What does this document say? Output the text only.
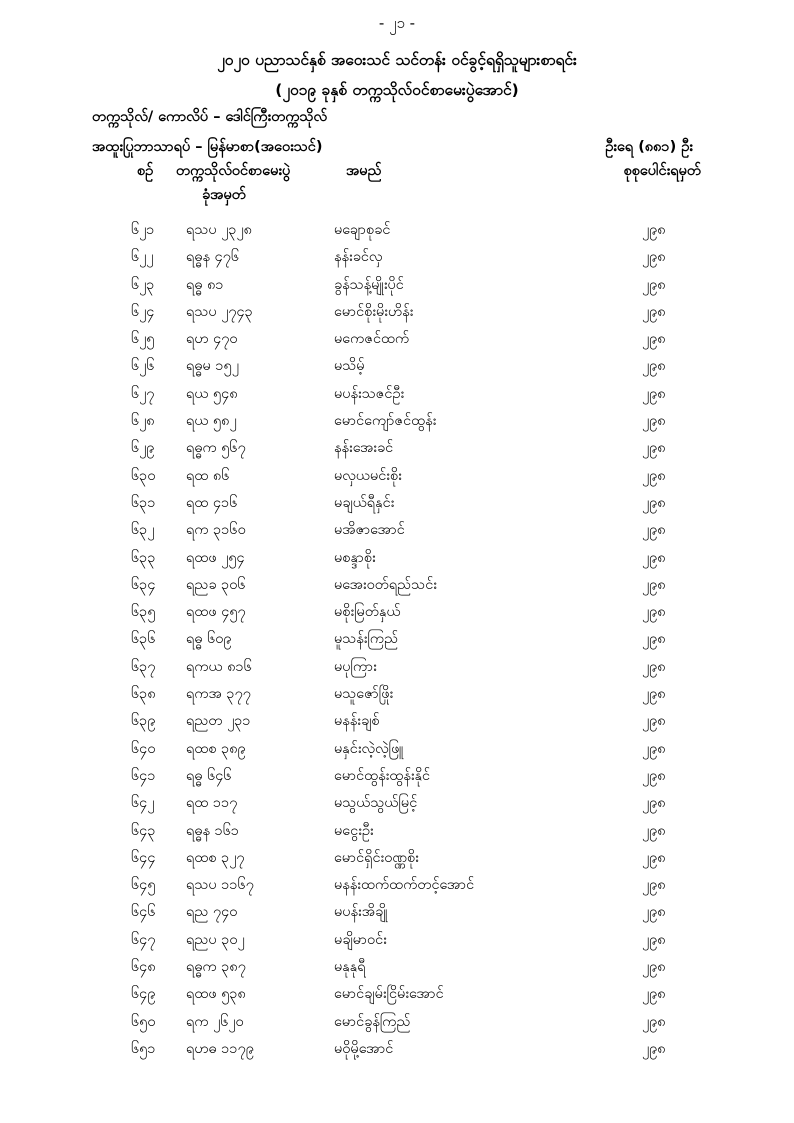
- ၂၁ -
၂၀၂၀ ပညာသင်နှစ် အဝေးသင် သင်တန်း ဝင်ခွင့်ရရှိသူများစာရင်း
(၂၀၁၉ ခုနှစ် တက္ကသိုလ်ဝင်စာမေးပွဲအောင်)
တက္ကသိုလ်/ ကောလိပ် – ဒေါင်ကြီးတက္ကသိုလ်
အထူးပြုဘာသာရပ် – မြန်မာစာ(အဝေးသင်)	ဦးရေ (၈၈၁) ဦး
စဉ် တက္ကသိုလ်ဝင်စာမေးပွဲ	အမည်	စုစုပေါင်းရမှတ်
ခုံအမှတ်
၆၂၁ ရသပ ၂၃၂၈	မချောစုခင်	၂၉၈
၆၂၂ ရဓ္ဓန ၄၇၆	နန်းခင်လှ	၂၉၈
၆၂၃ ရဓ္ဓ ၈၁	ခွန်သန့်မျိုးပိုင်	၂၉၈
၆၂၄ ရသပ ၂၇၄၃	မောင်စိုးမိုးဟိန်း	၂၉၈
၆၂၅ ရဟ ၄၇၀	မကေဇင်ထက်	၂၉၈
၆၂၆ ရဓ္ဓမ ၁၅၂	မသိမ့်	၂၉၈
၆၂၇ ရယ ၅၄၈	မပန်းသဇင်ဦး	၂၉၈
၆၂၈ ရယ ၅၈၂	မောင်ကျော်ဇင်ထွန်း	၂၉၈
၆၂၉ ရဓ္ဓက ၅၆၇	နန်းအေးခင်	၂၉၈
၆၃၀ ရထ ၈၆	မလှယမင်းစိုး	၂၉၈
၆၃၁ ရထ ၄၁၆	မချယ်ရီနှင်း	၂၉၈
၆၃၂ ရက ၃၁၆၀	မအိဇာအောင်	၂၉၈
၆၃၃ ရထဖ ၂၅၄	မစန္ဒာစိုး	၂၉၈
၆၃၄ ရညခ ၃၀၆	မအေးဝတ်ရည်သင်း	၂၉၈
၆၃၅ ရထဖ ၄၅၇	မစိုးမြတ်နှယ်	၂၉၈
၆၃၆ ရဓ္ဓ ၆၀၉	မူသန်းကြည်	၂၉၈
၆၃၇ ရကယ ၈၁၆	မပုကြား	၂၉၈
၆၃၈ ရကအ ၃၇၇	မသူဇော်ဖြိုး	၂၉၈
၆၃၉ ရညတ ၂၃၁	မနန်းချစ်	၂၉၈
၆၄၀ ရထစ ၃၈၉	မနှင်းလဲ့လဲ့ဖြူ	၂၉၈
၆၄၁ ရဓ္ဓ ၆၄၆	မောင်ထွန်းထွန်းနိုင်	၂၉၈
၆၄၂ ရထ ၁၁၇	မသွယ်သွယ်မြင့်	၂၉၈
၆၄၃ ရဓ္ဓန ၁၆၁	မငွေးဦး	၂၉၈
၆၄၄ ရထစ ၃၂၇	မောင်ရှိင်းဝဏ္ဏစိုး	၂၉၈
၆၄၅ ရသပ ၁၁၆၇	မနန်းထက်ထက်တင့်အောင်	၂၉၈
၆၄၆ ရည ၇၄၀	မပန်းအိချို	၂၉၈
၆၄၇ ရညပ ၃၀၂	မချိမာဝင်း	၂၉၈
၆၄၈ ရဓ္ဓက ၃၈၇	မနုနုရီ	၂၉၈
၆၄၉ ရထဖ ၅၃၈	မောင်ချမ်းငြိမ်းအောင်	၂၉၈
၆၅၀ ရက ၂၆၂၀	မောင်ခွန်ကြည်	၂၉၈
၆၅၁ ရဟဓ ၁၁၇၉	မဝိုမို့အောင်	၂၉၈
